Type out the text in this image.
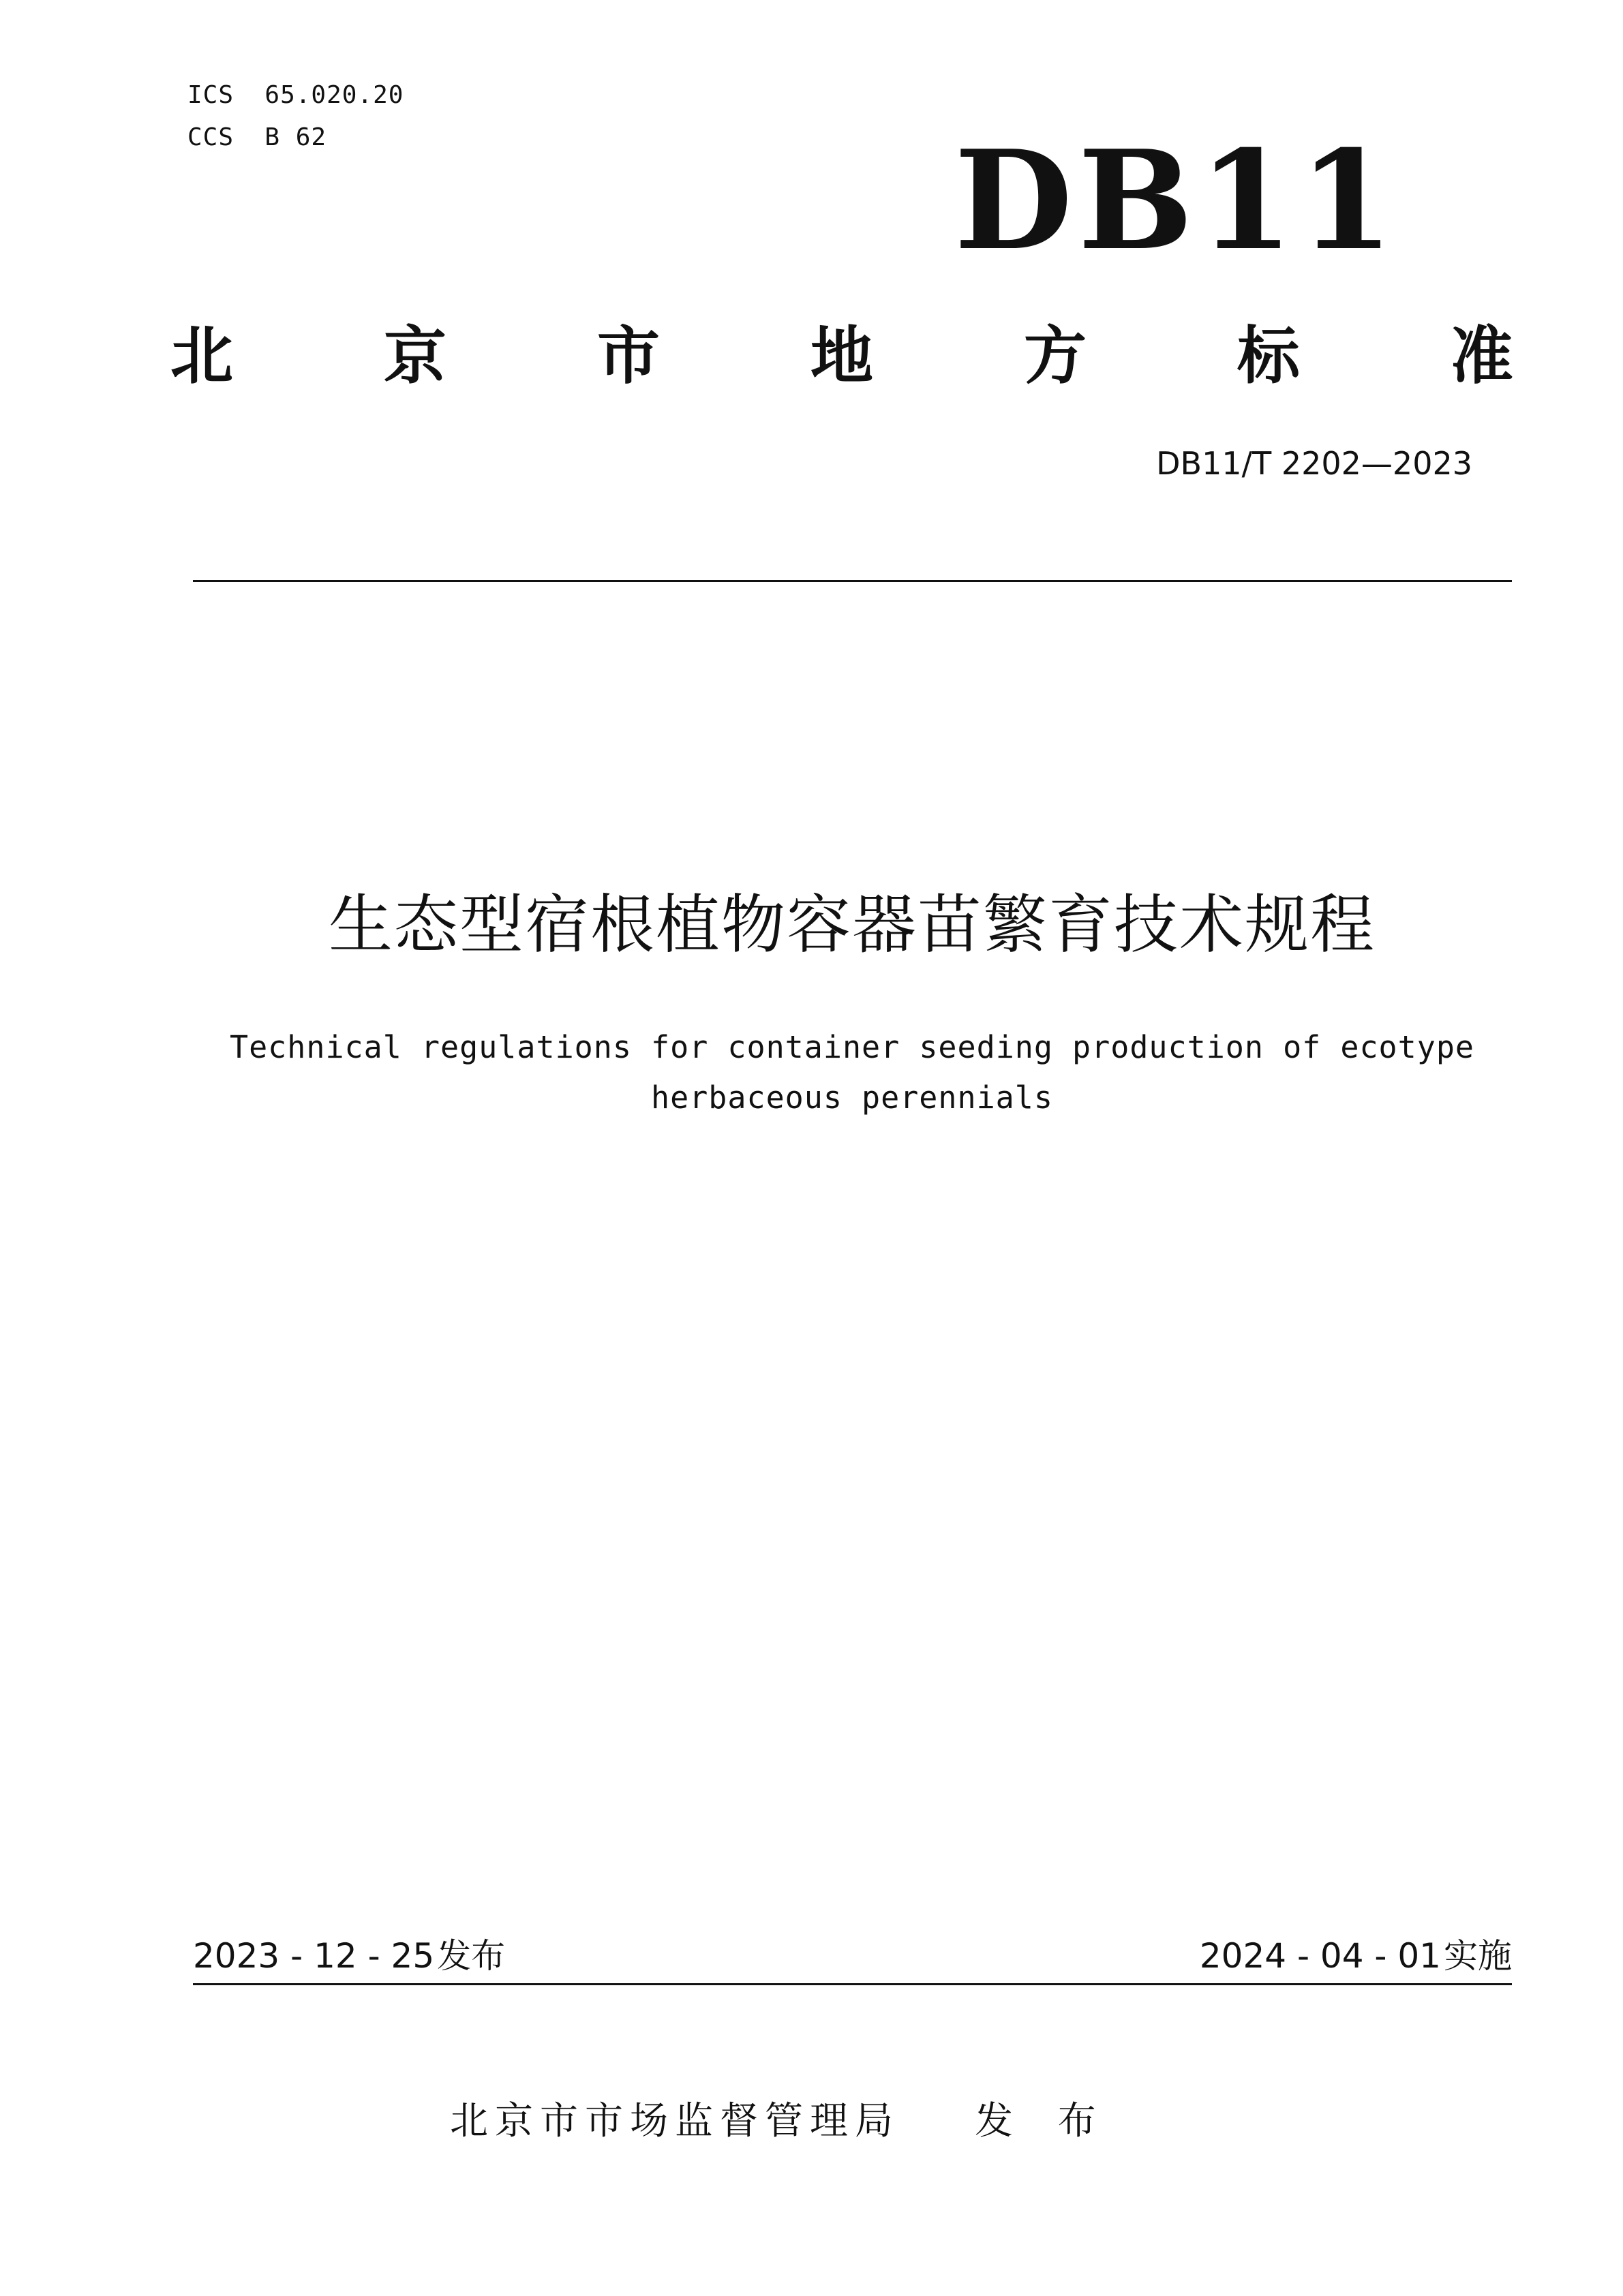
ICS 65.020.20
CCS B 62	DB11
北 京 市 地 方 标 准
DB11/T 2202—2023
生态型宿根植物容器苗繁育技术规程
Technical regulations for container seeding production of ecotype herbaceous perennials
2023 - 12 - 25发布	2024 - 04 - 01实施
北京市市场监督管理局 发 布
